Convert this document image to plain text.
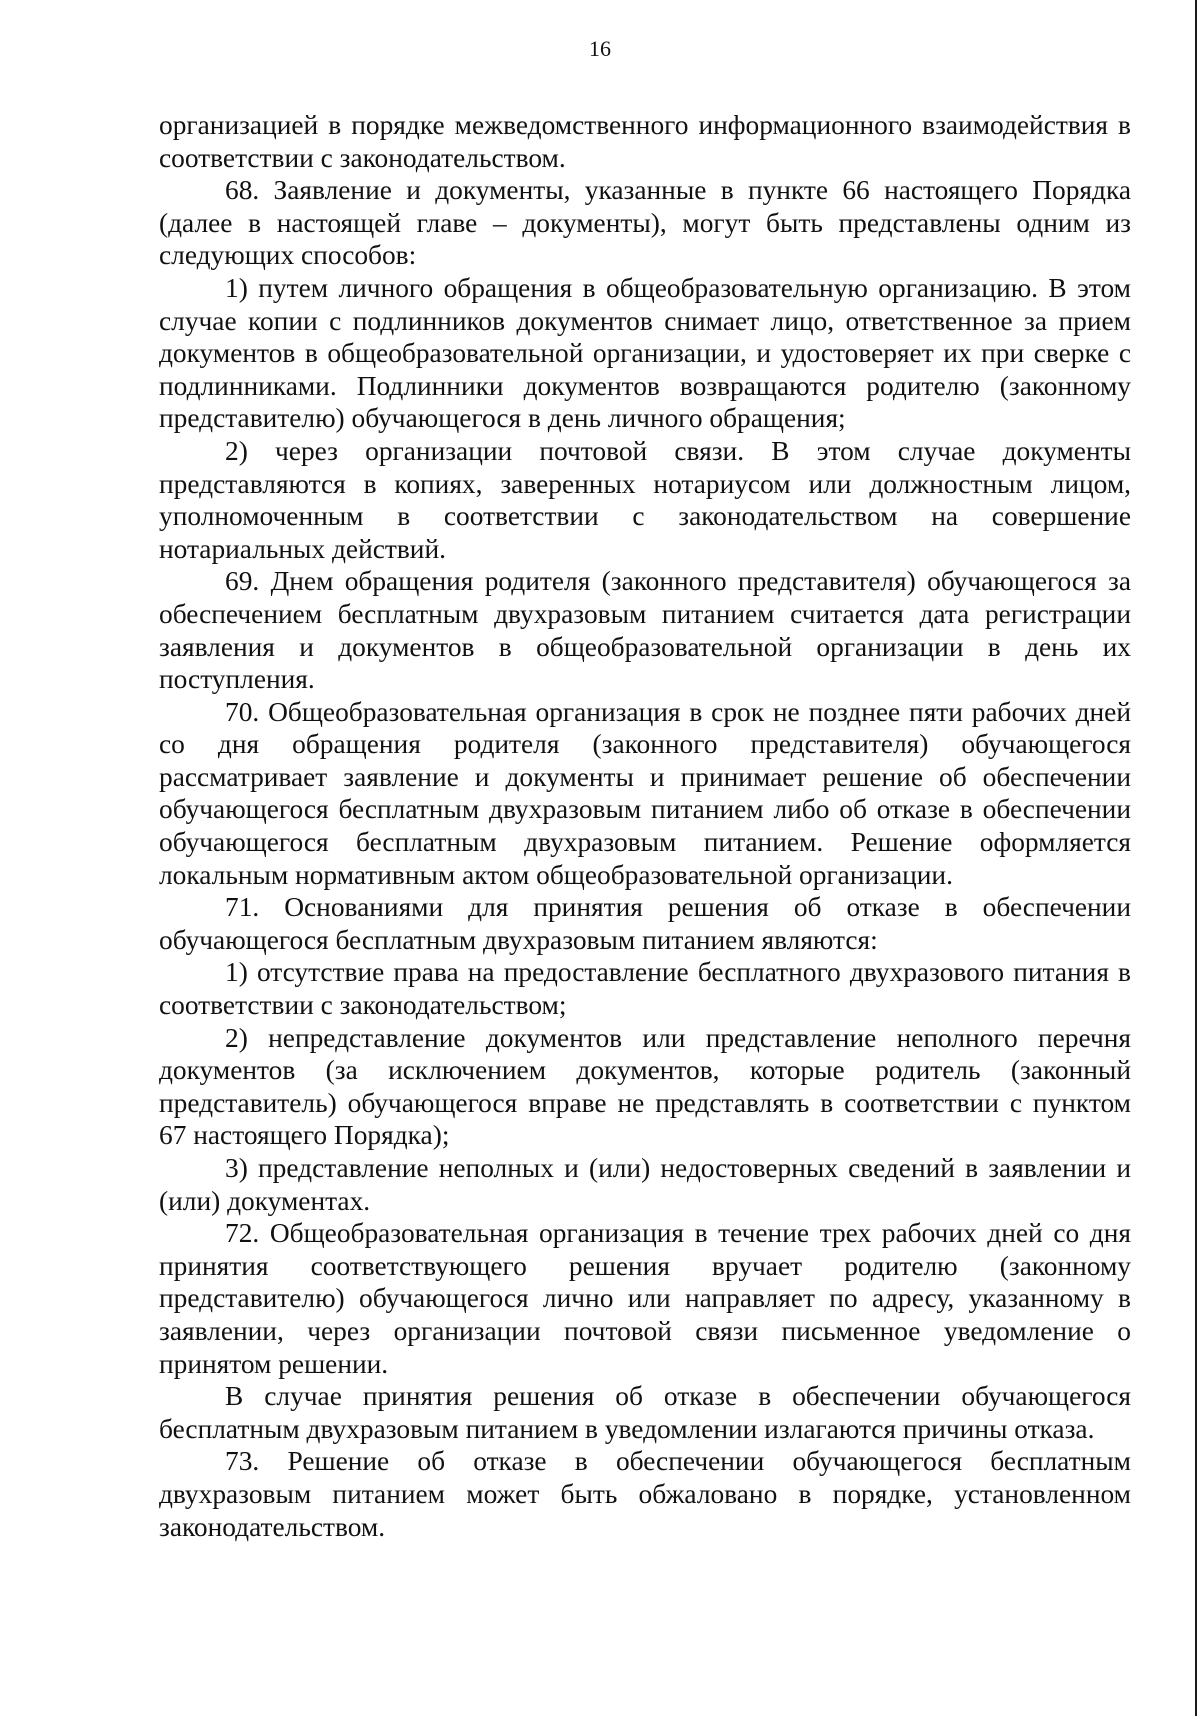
16

организацией в порядке межведомственного информационного взаимодействия в соответствии с законодательством.

68. Заявление и документы, указанные в пункте 66 настоящего Порядка (далее в настоящей главе – документы), могут быть представлены одним из следующих способов:

1) путем личного обращения в общеобразовательную организацию. В этом случае копии с подлинников документов снимает лицо, ответственное за прием документов в общеобразовательной организации, и удостоверяет их при сверке с подлинниками. Подлинники документов возвращаются родителю (законному представителю) обучающегося в день личного обращения;

2) через организации почтовой связи. В этом случае документы представляются в копиях, заверенных нотариусом или должностным лицом, уполномоченным в соответствии с законодательством на совершение нотариальных действий.

69. Днем обращения родителя (законного представителя) обучающегося за обеспечением бесплатным двухразовым питанием считается дата регистрации заявления и документов в общеобразовательной организации в день их поступления.

70. Общеобразовательная организация в срок не позднее пяти рабочих дней со дня обращения родителя (законного представителя) обучающегося рассматривает заявление и документы и принимает решение об обеспечении обучающегося бесплатным двухразовым питанием либо об отказе в обеспечении обучающегося бесплатным двухразовым питанием. Решение оформляется локальным нормативным актом общеобразовательной организации.

71. Основаниями для принятия решения об отказе в обеспечении обучающегося бесплатным двухразовым питанием являются:

1) отсутствие права на предоставление бесплатного двухразового питания в соответствии с законодательством;

2) непредставление документов или представление неполного перечня документов (за исключением документов, которые родитель (законный представитель) обучающегося вправе не представлять в соответствии с пунктом 67 настоящего Порядка);

3) представление неполных и (или) недостоверных сведений в заявлении и (или) документах.

72. Общеобразовательная организация в течение трех рабочих дней со дня принятия соответствующего решения вручает родителю (законному представителю) обучающегося лично или направляет по адресу, указанному в заявлении, через организации почтовой связи письменное уведомление о принятом решении.

В случае принятия решения об отказе в обеспечении обучающегося бесплатным двухразовым питанием в уведомлении излагаются причины отказа.

73. Решение об отказе в обеспечении обучающегося бесплатным двухразовым питанием может быть обжаловано в порядке, установленном законодательством.
